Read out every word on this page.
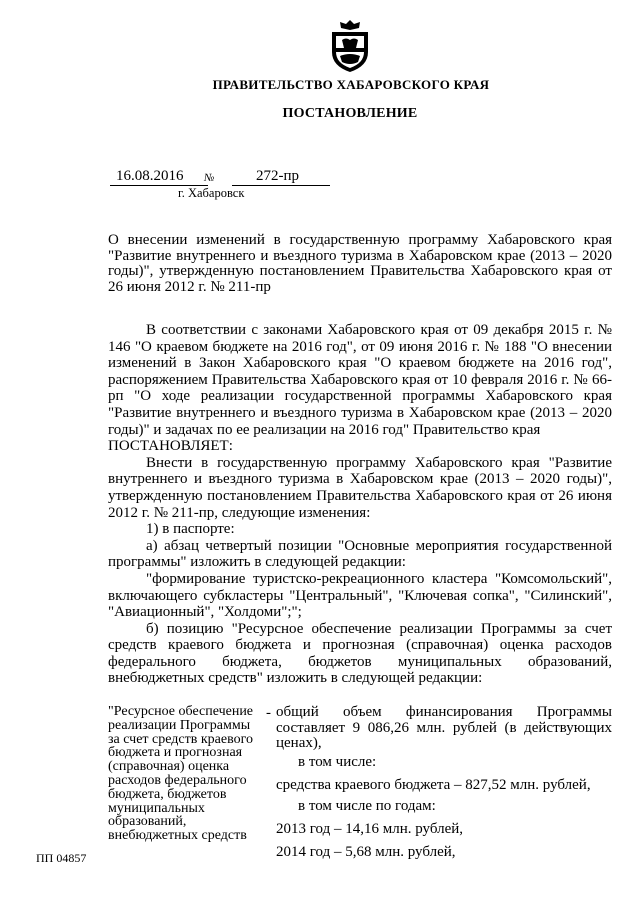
ПРАВИТЕЛЬСТВО ХАБАРОВСКОГО КРАЯ
ПОСТАНОВЛЕНИЕ
16.08.2016	№	272-пр
г. Хабаровск
О внесении изменений в государственную программу Хабаровского края "Развитие внутреннего и въездного туризма в Хабаровском крае (2013 – 2020 годы)", утвержденную постановлением Правительства Хабаровского края от 26 июня 2012 г. № 211-пр

В соответствии с законами Хабаровского края от 09 декабря 2015 г. № 146 "О краевом бюджете на 2016 год", от 09 июня 2016 г. № 188 "О внесении изменений в Закон Хабаровского края "О краевом бюджете на 2016 год", распоряжением Правительства Хабаровского края от 10 февраля 2016 г. № 66-рп "О ходе реализации государственной программы Хабаровского края "Развитие внутреннего и въездного туризма в Хабаровском крае (2013 – 2020 годы)" и задачах по ее реализации на 2016 год" Правительство края

ПОСТАНОВЛЯЕТ:

Внести в государственную программу Хабаровского края "Развитие внутреннего и въездного туризма в Хабаровском крае (2013 – 2020 годы)", утвержденную постановлением Правительства Хабаровского края от 26 июня 2012 г. № 211-пр, следующие изменения:

1) в паспорте:

а) абзац четвертый позиции "Основные мероприятия государственной программы" изложить в следующей редакции:

"формирование туристско-рекреационного кластера "Комсомольский", включающего субкластеры "Центральный", "Ключевая сопка", "Силинский", "Авиационный", "Холдоми";";

б) позицию "Ресурсное обеспечение реализации Программы за счет средств краевого бюджета и прогнозная (справочная) оценка расходов федерального бюджета, бюджетов муниципальных образований, внебюджетных средств" изложить в следующей редакции:

"Ресурсное обеспечение реализации Программы за счет средств краевого бюджета и прогнозная (справочная) оценка расходов федерального бюджета, бюджетов муниципальных образований, внебюджетных средств
- общий объем финансирования Программы составляет 9 086,26 млн. рублей (в действующих ценах),

в том числе:

средства краевого бюджета – 827,52 млн. рублей,

в том числе по годам:

2013 год – 14,16 млн. рублей,

2014 год – 5,68 млн. рублей,

ПП 04857
